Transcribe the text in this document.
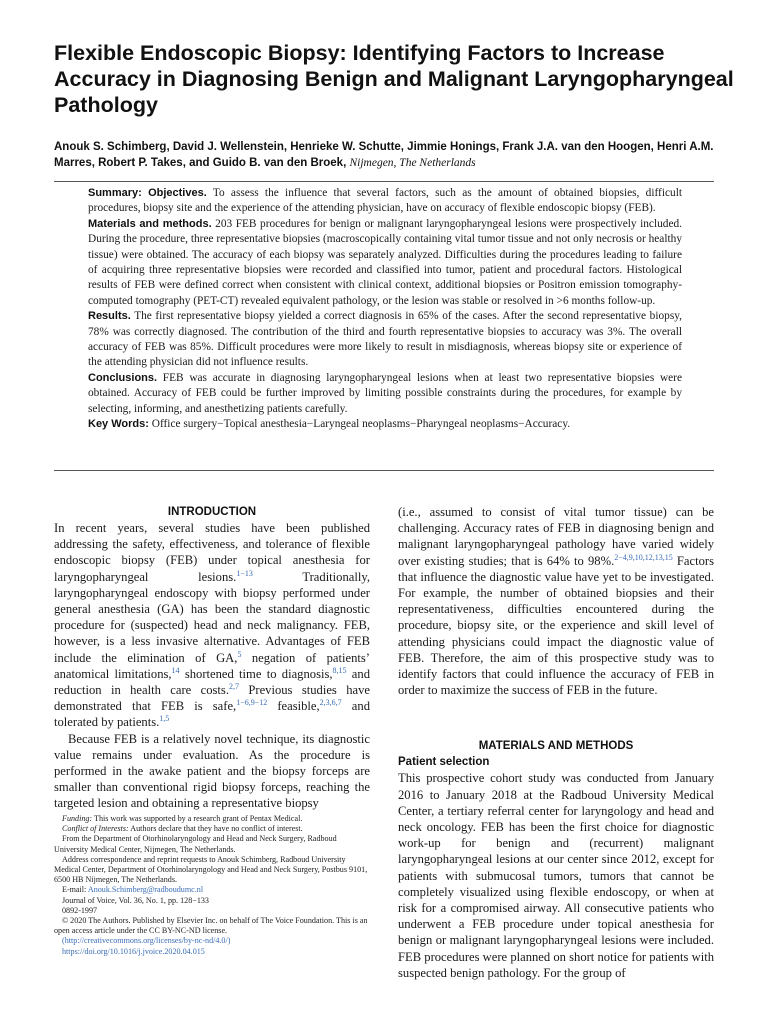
Flexible Endoscopic Biopsy: Identifying Factors to Increase Accuracy in Diagnosing Benign and Malignant Laryngopharyngeal Pathology
Anouk S. Schimberg, David J. Wellenstein, Henrieke W. Schutte, Jimmie Honings, Frank J.A. van den Hoogen, Henri A.M. Marres, Robert P. Takes, and Guido B. van den Broek, Nijmegen, The Netherlands

Summary: Objectives. To assess the influence that several factors, such as the amount of obtained biopsies, difficult procedures, biopsy site and the experience of the attending physician, have on accuracy of flexible endoscopic biopsy (FEB).

Materials and methods. 203 FEB procedures for benign or malignant laryngopharyngeal lesions were prospectively included. During the procedure, three representative biopsies (macroscopically containing vital tumor tissue and not only necrosis or healthy tissue) were obtained. The accuracy of each biopsy was separately analyzed. Difficulties during the procedures leading to failure of acquiring three representative biopsies were recorded and classified into tumor, patient and procedural factors. Histological results of FEB were defined correct when consistent with clinical context, additional biopsies or Positron emission tomography-computed tomography (PET-CT) revealed equivalent pathology, or the lesion was stable or resolved in >6 months follow-up.

Results. The first representative biopsy yielded a correct diagnosis in 65% of the cases. After the second representative biopsy, 78% was correctly diagnosed. The contribution of the third and fourth representative biopsies to accuracy was 3%. The overall accuracy of FEB was 85%. Difficult procedures were more likely to result in misdiagnosis, whereas biopsy site or experience of the attending physician did not influence results.

Conclusions. FEB was accurate in diagnosing laryngopharyngeal lesions when at least two representative biopsies were obtained. Accuracy of FEB could be further improved by limiting possible constraints during the procedures, for example by selecting, informing, and anesthetizing patients carefully.

Key Words: Office surgery−Topical anesthesia−Laryngeal neoplasms−Pharyngeal neoplasms−Accuracy.

INTRODUCTION

In recent years, several studies have been published addressing the safety, effectiveness, and tolerance of flexible endoscopic biopsy (FEB) under topical anesthesia for laryngopharyngeal lesions.$^{1-13}$ Traditionally, laryngopharyngeal endoscopy with biopsy performed under general anesthesia (GA) has been the standard diagnostic procedure for (suspected) head and neck malignancy. FEB, however, is a less invasive alternative. Advantages of FEB include the elimination of GA,$^5$ negation of patients’ anatomical limitations,$^{14}$ shortened time to diagnosis,$^{8,15}$ and reduction in health care costs.$^{2,7}$ Previous studies have demonstrated that FEB is safe,$^{1-6,9-12}$ feasible,$^{2,3,6,7}$ and tolerated by patients.$^{1,5}$

Because FEB is a relatively novel technique, its diagnostic value remains under evaluation. As the procedure is performed in the awake patient and the biopsy forceps are smaller than conventional rigid biopsy forceps, reaching the targeted lesion and obtaining a representative biopsy

Funding: This work was supported by a research grant of Pentax Medical.

Conflict of Interests: Authors declare that they have no conflict of interest.

From the Department of Otorhinolaryngology and Head and Neck Surgery, Radboud University Medical Center, Nijmegen, The Netherlands.

Address correspondence and reprint requests to Anouk Schimberg, Radboud University Medical Center, Department of Otorhinolaryngology and Head and Neck Surgery, Postbus 9101, 6500 HB Nijmegen, The Netherlands.

E-mail: Anouk.Schimberg@radboudumc.nl

Journal of Voice, Vol. 36, No. 1, pp. 128−133

0892-1997

© 2020 The Authors. Published by Elsevier Inc. on behalf of The Voice Foundation. This is an open access article under the CC BY-NC-ND license.

(http://creativecommons.org/licenses/by-nc-nd/4.0/)

https://doi.org/10.1016/j.jvoice.2020.04.015

(i.e., assumed to consist of vital tumor tissue) can be challenging. Accuracy rates of FEB in diagnosing benign and malignant laryngopharyngeal pathology have varied widely over existing studies; that is 64% to 98%.$^{2-4,9,10,12,13,15}$ Factors that influence the diagnostic value have yet to be investigated. For example, the number of obtained biopsies and their representativeness, difficulties encountered during the procedure, biopsy site, or the experience and skill level of attending physicians could impact the diagnostic value of FEB. Therefore, the aim of this prospective study was to identify factors that could influence the accuracy of FEB in order to maximize the success of FEB in the future.

MATERIALS AND METHODS

Patient selection

This prospective cohort study was conducted from January 2016 to January 2018 at the Radboud University Medical Center, a tertiary referral center for laryngology and head and neck oncology. FEB has been the first choice for diagnostic work-up for benign and (recurrent) malignant laryngopharyngeal lesions at our center since 2012, except for patients with submucosal tumors, tumors that cannot be completely visualized using flexible endoscopy, or when at risk for a compromised airway. All consecutive patients who underwent a FEB procedure under topical anesthesia for benign or malignant laryngopharyngeal lesions were included. FEB procedures were planned on short notice for patients with suspected benign pathology. For the group of
